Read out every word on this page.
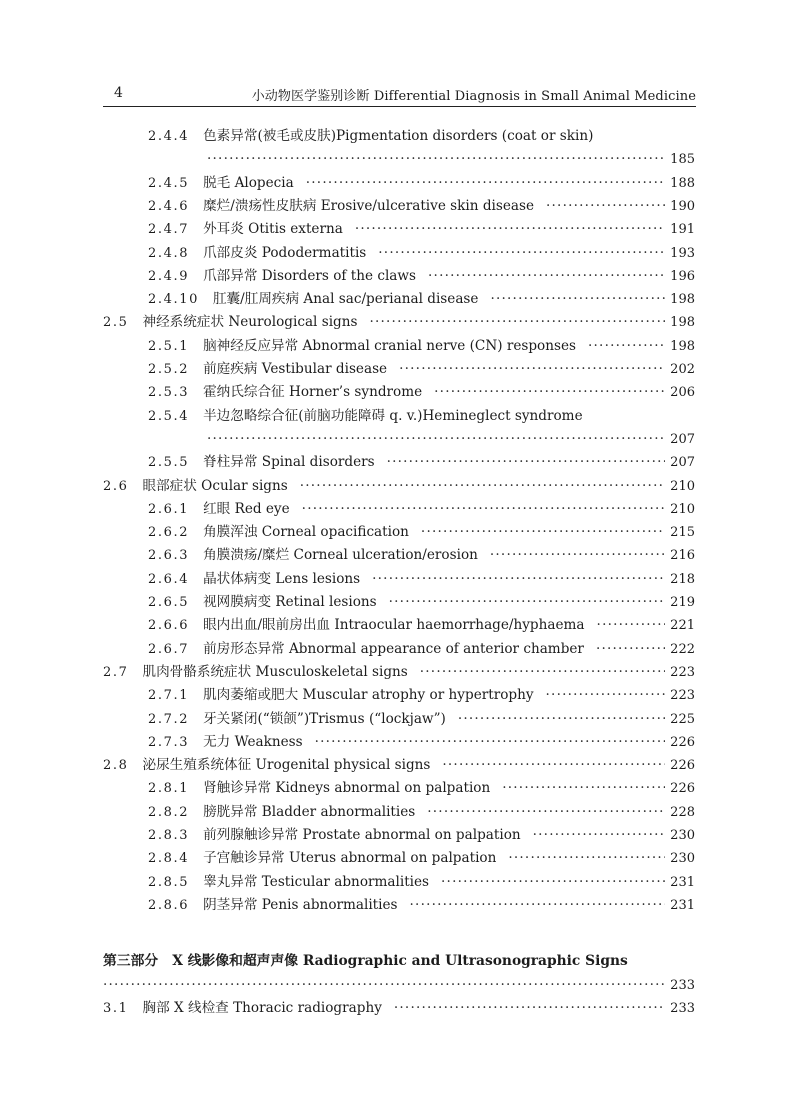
4	小动物医学鉴别诊断 Differential Diagnosis in Small Animal Medicine
第三部分	X 线影像和超声声像 Radiographic and Ultrasonographic Signs
·····
233
3.1	胸部 X 线检查 Thoracic radiography ·····	233
2.4.4	色素异常(被毛或皮肤)Pigmentation disorders (coat or skin)
·····
185
2.4.5	脱毛 Alopecia ·····	188
2.4.6	糜烂/溃疡性皮肤病 Erosive/ulcerative skin disease ·····	190
2.4.7	外耳炎 Otitis externa ·····	191
2.4.8	爪部皮炎 Pododermatitis ·····	193
2.4.9	爪部异常 Disorders of the claws ·····	196
2.4.10	肛囊/肛周疾病 Anal sac/perianal disease ·····	198
2.5	神经系统症状 Neurological signs ·····	198
2.5.1	脑神经反应异常 Abnormal cranial nerve (CN) responses ·····	198
2.5.2	前庭疾病 Vestibular disease ·····	202
2.5.3	霍纳氏综合征 Horner’s syndrome ·····	206
2.5.4	半边忽略综合征(前脑功能障碍 q. v.)Hemineglect syndrome
·····
207
2.5.5	脊柱异常 Spinal disorders ·····	207
2.6	眼部症状 Ocular signs ·····	210
2.6.1	红眼 Red eye ·····	210
2.6.2	角膜浑浊 Corneal opacification ·····	215
2.6.3	角膜溃疡/糜烂 Corneal ulceration/erosion ·····	216
2.6.4	晶状体病变 Lens lesions ·····	218
2.6.5	视网膜病变 Retinal lesions ·····	219
2.6.6	眼内出血/眼前房出血 Intraocular haemorrhage/hyphaema ·····	221
2.6.7	前房形态异常 Abnormal appearance of anterior chamber ·····	222
2.7	肌肉骨骼系统症状 Musculoskeletal signs ·····	223
2.7.1	肌肉萎缩或肥大 Muscular atrophy or hypertrophy ·····	223
2.7.2	牙关紧闭(“锁颌”)Trismus (“lockjaw”) ·····	225
2.7.3	无力 Weakness ·····	226
2.8	泌尿生殖系统体征 Urogenital physical signs ·····	226
2.8.1	肾触诊异常 Kidneys abnormal on palpation ·····	226
2.8.2	膀胱异常 Bladder abnormalities ·····	228
2.8.3	前列腺触诊异常 Prostate abnormal on palpation ·····	230
2.8.4	子宫触诊异常 Uterus abnormal on palpation ·····	230
2.8.5	睾丸异常 Testicular abnormalities ·····	231
2.8.6	阴茎异常 Penis abnormalities ·····	231
